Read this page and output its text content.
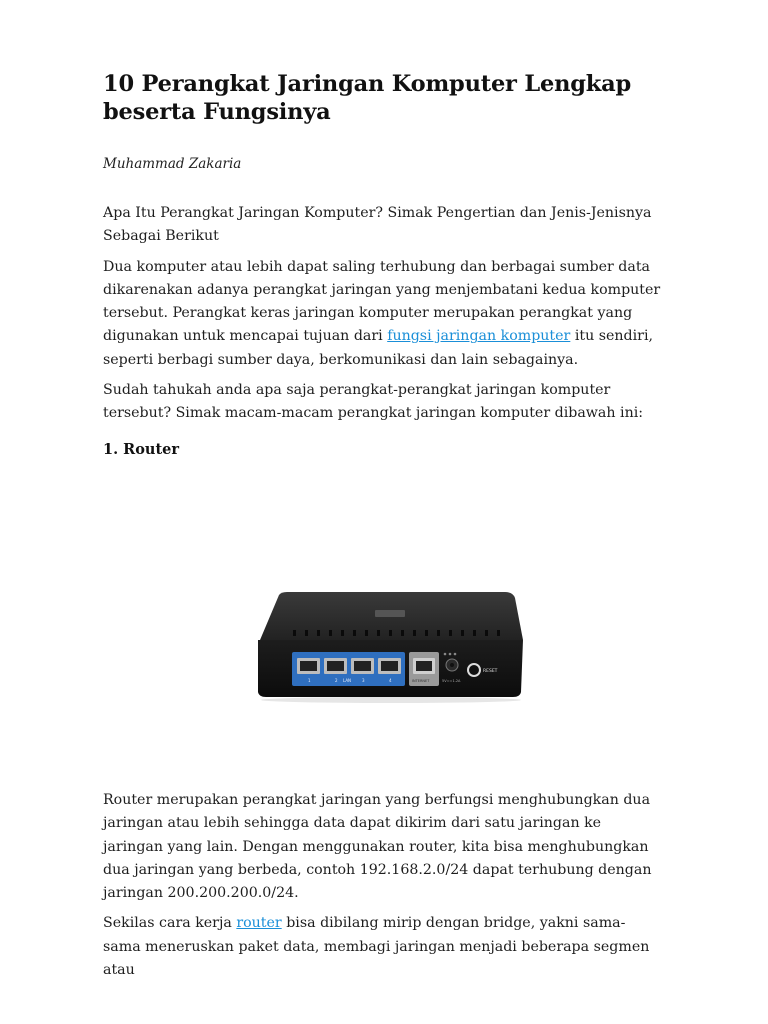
10 Perangkat Jaringan Komputer Lengkap beserta Fungsinya
Muhammad Zakaria

Apa Itu Perangkat Jaringan Komputer? Simak Pengertian dan Jenis-Jenisnya Sebagai Berikut

Dua komputer atau lebih dapat saling terhubung dan berbagai sumber data dikarenakan adanya perangkat jaringan yang menjembatani kedua komputer tersebut. Perangkat keras jaringan komputer merupakan perangkat yang digunakan untuk mencapai tujuan dari fungsi jaringan komputer itu sendiri, seperti berbagi sumber daya, berkomunikasi dan lain sebagainya.

Sudah tahukah anda apa saja perangkat-perangkat jaringan komputer tersebut? Simak macam-macam perangkat jaringan komputer dibawah ini:

1. Router
1	2 LAN	3	4	INTERNET	5V==1.2A
RESET

Router merupakan perangkat jaringan yang berfungsi menghubungkan dua jaringan atau lebih sehingga data dapat dikirim dari satu jaringan ke jaringan yang lain. Dengan menggunakan router, kita bisa menghubungkan dua jaringan yang berbeda, contoh 192.168.2.0/24 dapat terhubung dengan jaringan 200.200.200.0/24.

Sekilas cara kerja router bisa dibilang mirip dengan bridge, yakni sama-sama meneruskan paket data, membagi jaringan menjadi beberapa segmen atau
